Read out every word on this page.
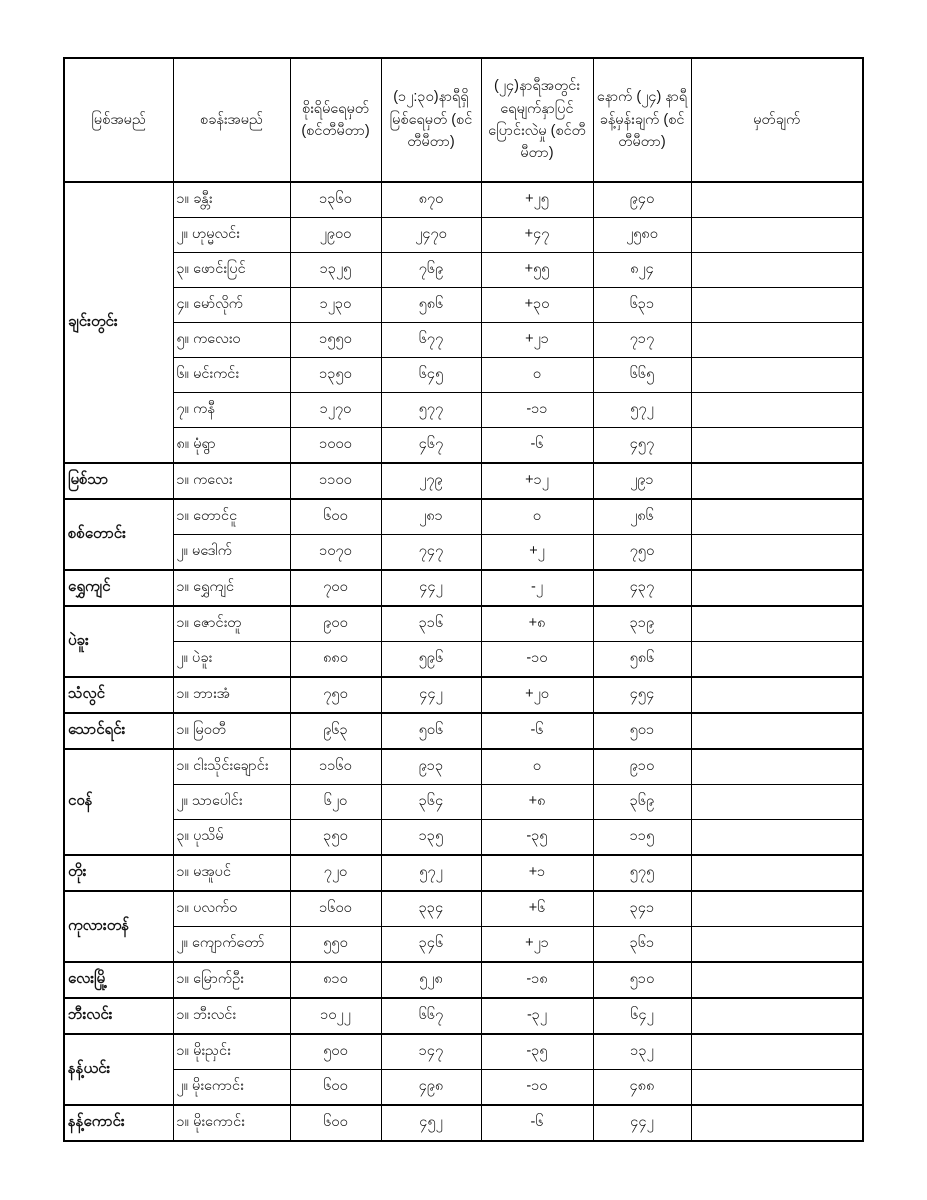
မြစ်အမည်	စခန်းအမည်	စိုးရိမ်ရေမှတ် (စင်တီမီတာ)	(၁၂:၃၀)နာရီရှိ မြစ်ရေမှတ် (စင်တီမီတာ)	(၂၄)နာရီအတွင်း ရေမျက်နှာပြင် ပြောင်းလဲမှု (စင်တီမီတာ)	နောက် (၂၄) နာရီ ခန့်မှန်းချက် (စင်တီမီတာ)	မှတ်ချက်
ချင်းတွင်း	၁။ ခန္တီး	၁၃၆၀	၈၇၀	+၂၅	၉၄၀	
	၂။ ဟုမ္မလင်း	၂၉၀၀	၂၄၇၀	+၄၇	၂၅၈၀	
	၃။ ဖောင်းပြင်	၁၃၂၅	၇၆၉	+၅၅	၈၂၄	
	၄။ မော်လိုက်	၁၂၃၀	၅၈၆	+၃၀	၆၃၁	
	၅။ ကလေးဝ	၁၅၅၀	၆၇၇	+၂၁	၇၁၇	
	၆။ မင်းကင်း	၁၃၅၀	၆၄၅	၀	၆၆၅	
	၇။ ကနီ	၁၂၇၀	၅၇၇	-၁၁	၅၇၂	
	၈။ မုံရွာ	၁၀၀၀	၄၆၇	-၆	၄၅၇	
မြစ်သာ	၁။ ကလေး	၁၁၀၀	၂၇၉	+၁၂	၂၉၁	
စစ်တောင်း	၁။ တောင်ငူ	၆၀၀	၂၈၁	၀	၂၈၆	
	၂။ မဒေါက်	၁၀၇၀	၇၄၇	+၂	၇၅၀	
ရွှေကျင်	၁။ ရွှေကျင်	၇၀၀	၄၄၂	-၂	၄၃၇	
ပဲခူး	၁။ ဇောင်းတူ	၉၀၀	၃၁၆	+၈	၃၁၉	
	၂။ ပဲခူး	၈၈၀	၅၉၆	-၁၀	၅၈၆	
သံလွင်	၁။ ဘားအံ	၇၅၀	၄၄၂	+၂၀	၄၅၄	
သောင်ရင်း	၁။ မြဝတီ	၉၆၃	၅၀၆	-၆	၅၀၁	
ငဝန်	၁။ ငါးသိုင်းချောင်း	၁၁၆၀	၉၁၃	၀	၉၁၀	
	၂။ သာပေါင်း	၆၂၀	၃၆၄	+၈	၃၆၉	
	၃။ ပုသိမ်	၃၅၀	၁၃၅	-၃၅	၁၁၅	
တိုး	၁။ မအူပင်	၇၂၀	၅၇၂	+၁	၅၇၅	
ကုလားတန်	၁။ ပလက်ဝ	၁၆၀၀	၃၃၄	+၆	၃၄၁	
	၂။ ကျောက်တော်	၅၅၀	၃၄၆	+၂၁	၃၆၁	
လေးမြို့	၁။ မြောက်ဦး	၈၁၀	၅၂၈	-၁၈	၅၁၀	
ဘီးလင်း	၁။ ဘီးလင်း	၁၀၂၂	၆၆၇	-၃၂	၆၄၂	
နန့်ယင်း	၁။ မိုးညှင်း	၅၀၀	၁၄၇	-၃၅	၁၃၂	
	၂။ မိုးကောင်း	၆၀၀	၄၉၈	-၁၀	၄၈၈	
နန့်ကောင်း	၁။ မိုးကောင်း	၆၀၀	၄၅၂	-၆	၄၄၂	
